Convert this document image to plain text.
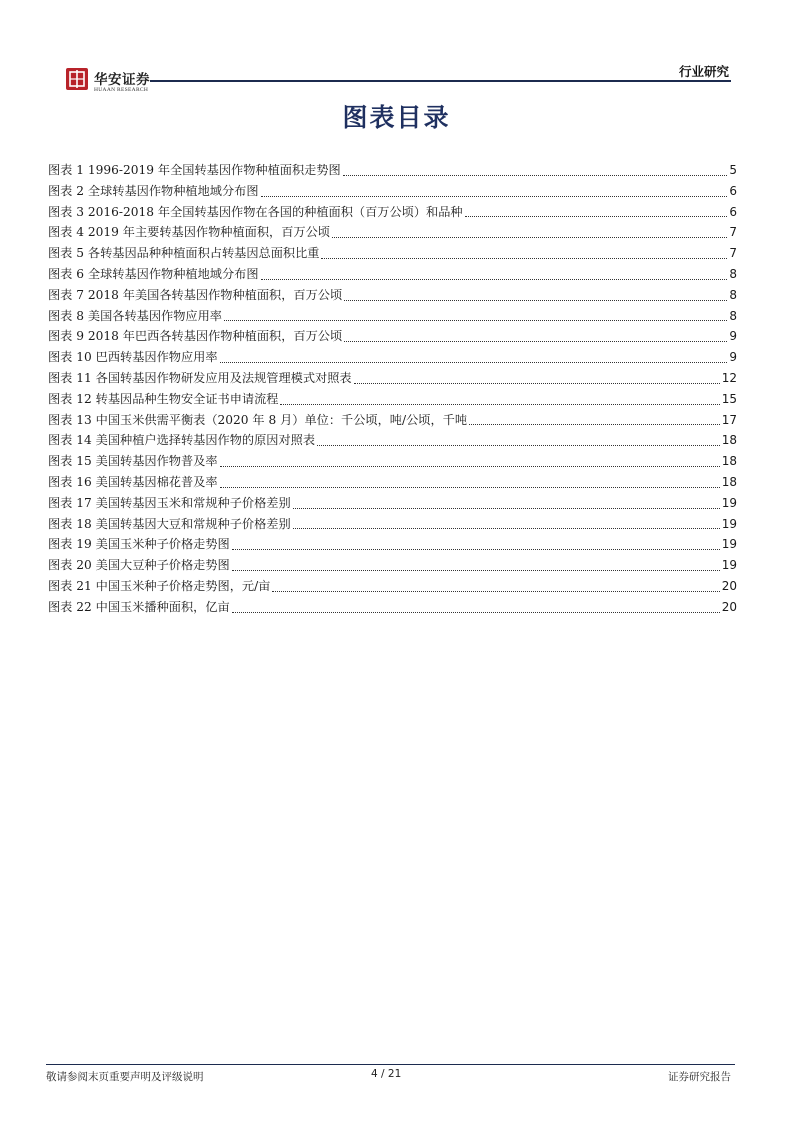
华安证券
HUAAN RESEARCH
行业研究
图表目录
图表 1 1996-2019 年全国转基因作物种植面积走势图	5
图表 2 全球转基因作物种植地域分布图	6
图表 3 2016-2018 年全国转基因作物在各国的种植面积（百万公顷）和品种	6
图表 4 2019 年主要转基因作物种植面积，百万公顷	7
图表 5 各转基因品种种植面积占转基因总面积比重	7
图表 6 全球转基因作物种植地域分布图	8
图表 7 2018 年美国各转基因作物种植面积，百万公顷	8
图表 8 美国各转基因作物应用率	8
图表 9 2018 年巴西各转基因作物种植面积，百万公顷	9
图表 10 巴西转基因作物应用率	9
图表 11 各国转基因作物研发应用及法规管理模式对照表	12
图表 12 转基因品种生物安全证书申请流程	15
图表 13 中国玉米供需平衡表（2020 年 8 月）单位：千公顷，吨/公顷，千吨	17
图表 14 美国种植户选择转基因作物的原因对照表	18
图表 15 美国转基因作物普及率	18
图表 16 美国转基因棉花普及率	18
图表 17 美国转基因玉米和常规种子价格差别	19
图表 18 美国转基因大豆和常规种子价格差别	19
图表 19 美国玉米种子价格走势图	19
图表 20 美国大豆种子价格走势图	19
图表 21 中国玉米种子价格走势图，元/亩	20
图表 22 中国玉米播种面积，亿亩	20
敬请参阅末页重要声明及评级说明	4 / 21	证券研究报告
